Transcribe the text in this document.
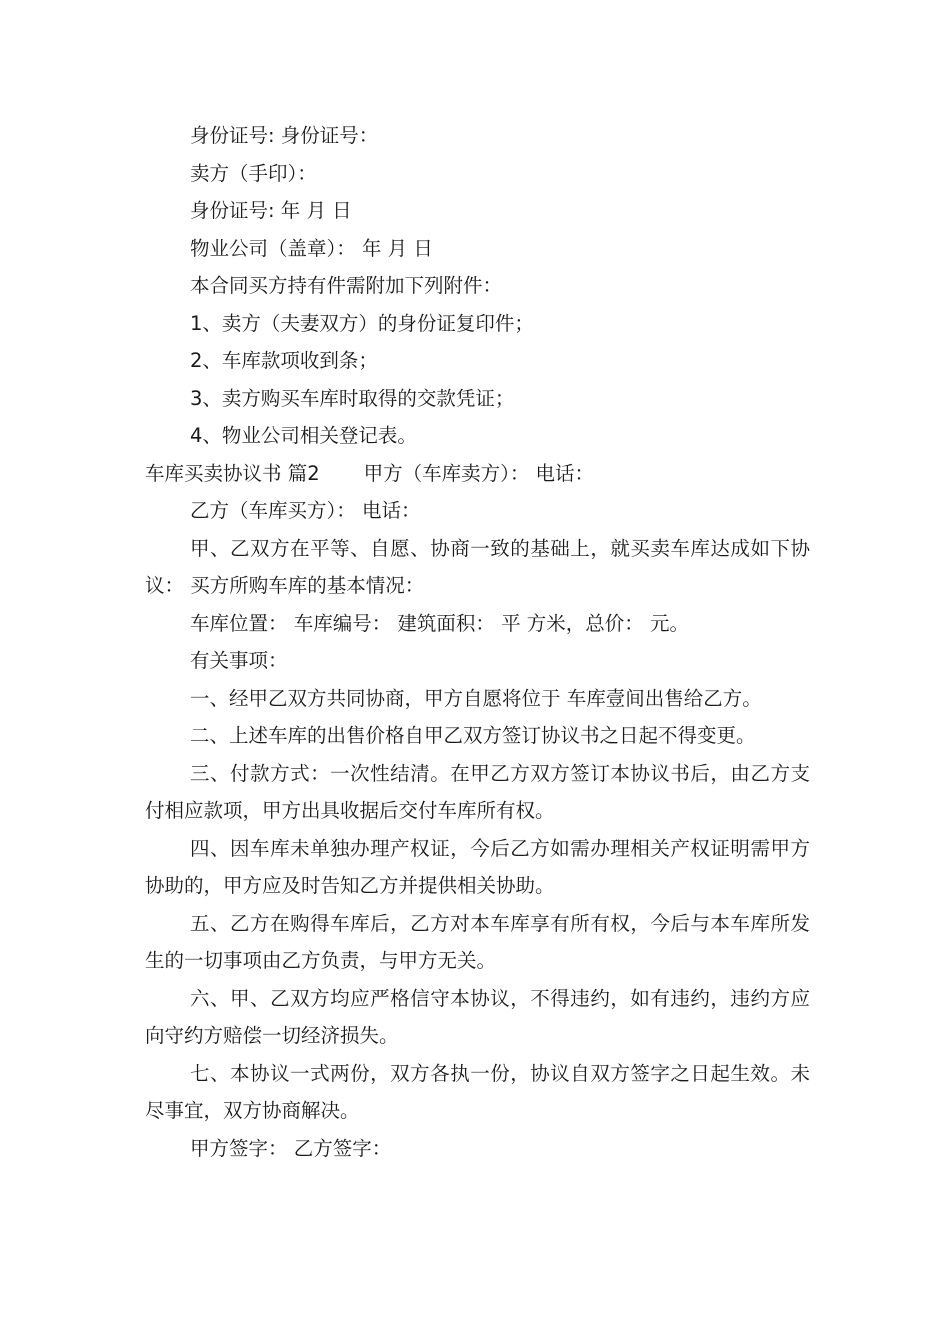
身份证号: 身份证号：
卖方（手印）：
身份证号: 年 月 日
物业公司（盖章）： 年 月 日
本合同买方持有件需附加下列附件：
1、卖方（夫妻双方）的身份证复印件；
2、车库款项收到条；
3、卖方购买车库时取得的交款凭证；
4、物业公司相关登记表。
车库买卖协议书 篇2 甲方（车库卖方）： 电话：
乙方（车库买方）： 电话：
甲、乙双方在平等、自愿、协商一致的基础上，就买卖车库达成如下协议： 买方所购车库的基本情况：
车库位置： 车库编号： 建筑面积： 平 方米，总价： 元。
有关事项：
一、经甲乙双方共同协商，甲方自愿将位于 车库壹间出售给乙方。
二、上述车库的出售价格自甲乙双方签订协议书之日起不得变更。
三、付款方式：一次性结清。在甲乙方双方签订本协议书后，由乙方支付相应款项，甲方出具收据后交付车库所有权。
四、因车库未单独办理产权证，今后乙方如需办理相关产权证明需甲方协助的，甲方应及时告知乙方并提供相关协助。
五、乙方在购得车库后，乙方对本车库享有所有权，今后与本车库所发生的一切事项由乙方负责，与甲方无关。
六、甲、乙双方均应严格信守本协议，不得违约，如有违约，违约方应向守约方赔偿一切经济损失。
七、本协议一式两份，双方各执一份，协议自双方签字之日起生效。未尽事宜，双方协商解决。
甲方签字： 乙方签字：
